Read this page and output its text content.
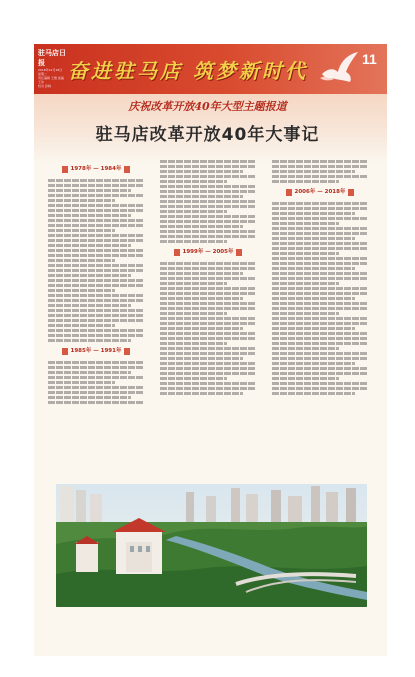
驻马店日报
2018年12月18日 星期二
责任编辑 王维 美编 王伟
校对 孙晓
奋进驻马店 筑梦新时代	11
庆祝改革开放40年大型主题报道
驻马店改革开放40年大事记
1978年 — 1984年
1985年 — 1991年
1999年 — 2005年
2006年 — 2018年
